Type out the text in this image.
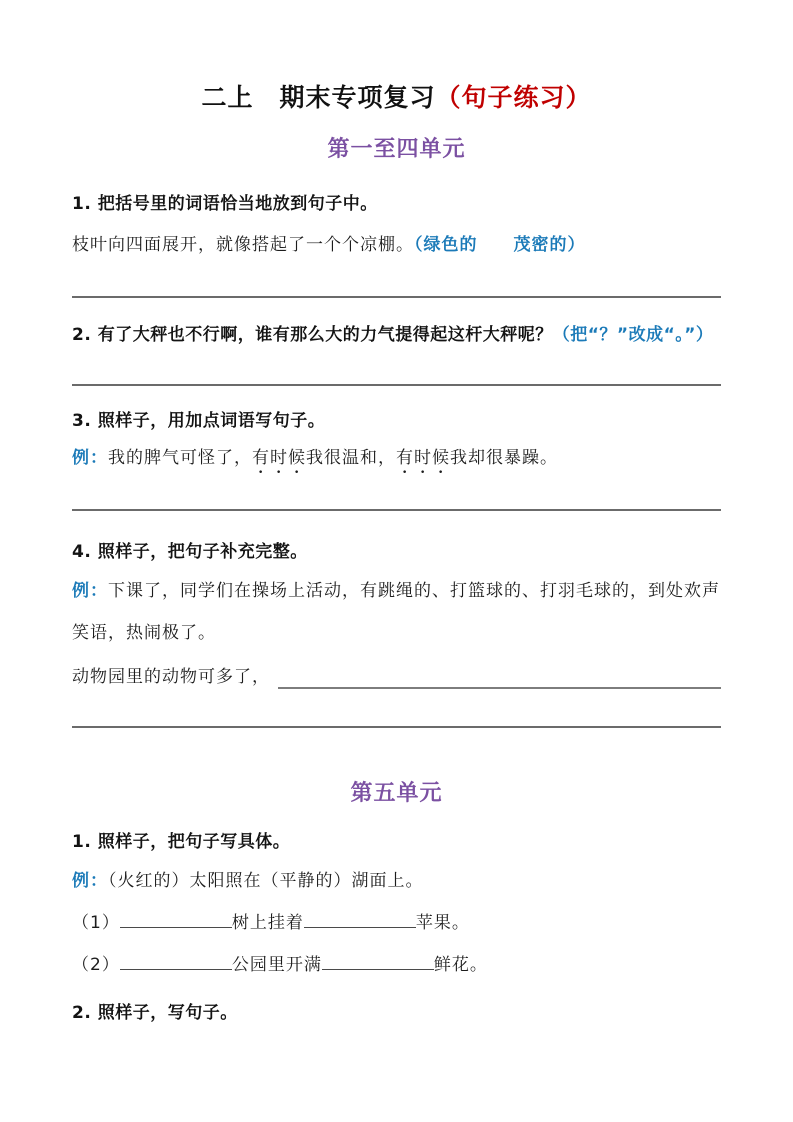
二上　期末专项复习（句子练习）
第一至四单元

1. 把括号里的词语恰当地放到句子中。

枝叶向四面展开，就像搭起了一个个凉棚。（绿色的　　茂密的）

2. 有了大秤也不行啊，谁有那么大的力气提得起这杆大秤呢？（把“？”改成“。”）

3. 照样子，用加点词语写句子。

例：我的脾气可怪了，有时候我很温和，有时候我却很暴躁。

4. 照样子，把句子补充完整。

例：下课了，同学们在操场上活动，有跳绳的、打篮球的、打羽毛球的，到处欢声笑语，热闹极了。

动物园里的动物可多了，
第五单元

1. 照样子，把句子写具体。

例：（火红的）太阳照在（平静的）湖面上。

（1）	树上挂着	苹果。

（2）	公园里开满	鲜花。

2. 照样子，写句子。
